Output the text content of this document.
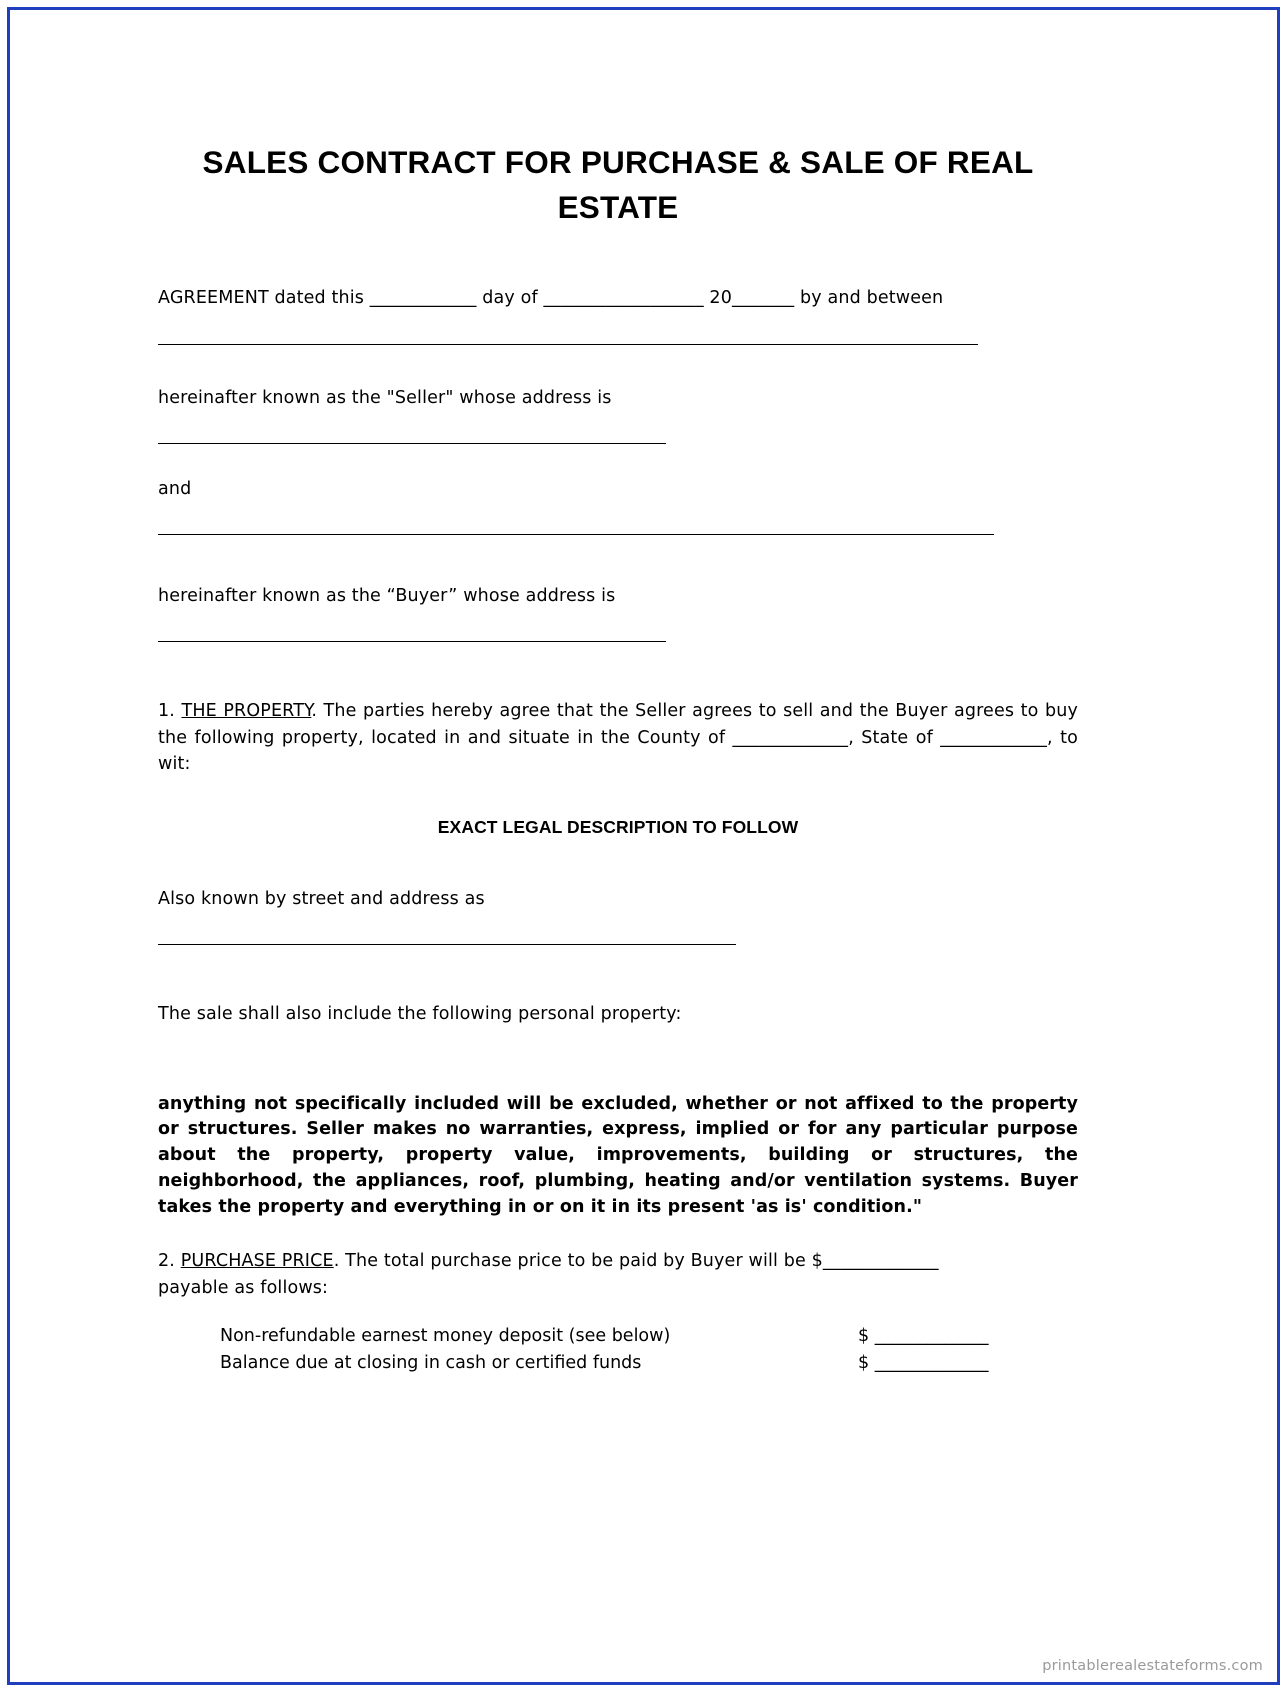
SALES CONTRACT FOR PURCHASE & SALE OF REAL ESTATE
AGREEMENT dated this ____________ day of __________________ 20_______ by and between
hereinafter known as the "Seller" whose address is
and
hereinafter known as the “Buyer” whose address is
1. THE PROPERTY. The parties hereby agree that the Seller agrees to sell and the Buyer agrees to buy the following property, located in and situate in the County of _____________, State of ____________, to wit:
EXACT LEGAL DESCRIPTION TO FOLLOW
Also known by street and address as
The sale shall also include the following personal property:
anything not specifically included will be excluded, whether or not affixed to the property or structures. Seller makes no warranties, express, implied or for any particular purpose about the property, property value, improvements, building or structures, the neighborhood, the appliances, roof, plumbing, heating and/or ventilation systems. Buyer takes the property and everything in or on it in its present 'as is' condition."
2. PURCHASE PRICE. The total purchase price to be paid by Buyer will be $_____________
payable as follows:
Non-refundable earnest money deposit (see below)	$ _____________
Balance due at closing in cash or certified funds	$ _____________
printablerealestateforms.com
